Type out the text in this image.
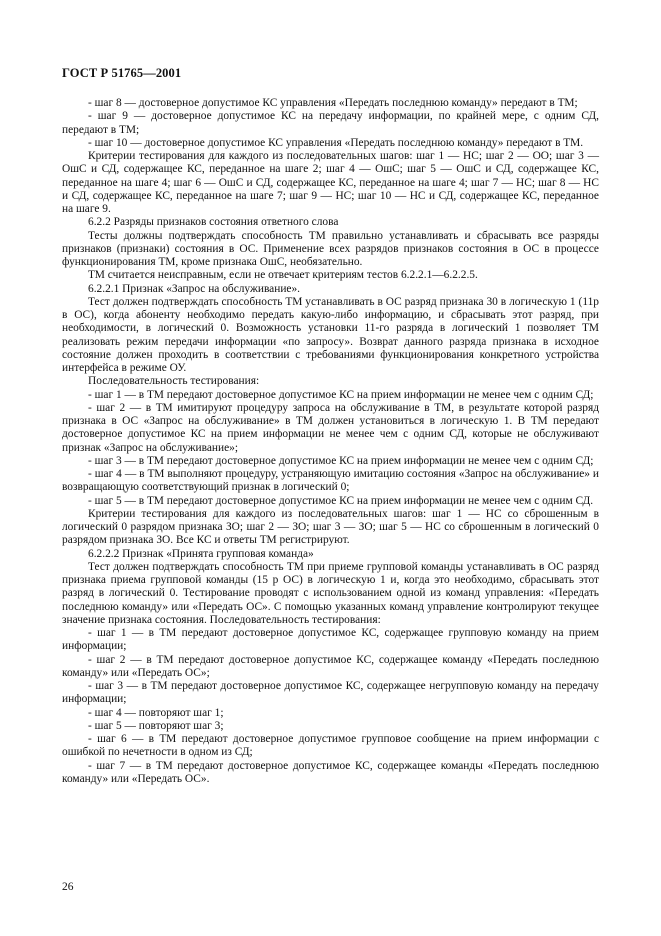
ГОСТ Р 51765—2001

- шаг 8 — достоверное допустимое КС управления «Передать последнюю команду» передают в ТМ;

- шаг 9 — достоверное допустимое КС на передачу информации, по крайней мере, с одним СД, передают в ТМ;

- шаг 10 — достоверное допустимое КС управления «Передать последнюю команду» передают в ТМ.

Критерии тестирования для каждого из последовательных шагов: шаг 1 — НС; шаг 2 — ОО; шаг 3 — ОшС и СД, содержащее КС, переданное на шаге 2; шаг 4 — ОшС; шаг 5 — ОшС и СД, содержащее КС, переданное на шаге 4; шаг 6 — ОшС и СД, содержащее КС, переданное на шаге 4; шаг 7 — НС; шаг 8 — НС и СД, содержащее КС, переданное на шаге 7; шаг 9 — НС; шаг 10 — НС и СД, содержащее КС, переданное на шаге 9.

6.2.2 Разряды признаков состояния ответного слова

Тесты должны подтверждать способность ТМ правильно устанавливать и сбрасывать все разряды признаков (признаки) состояния в ОС. Применение всех разрядов признаков состояния в ОС в процессе функционирования ТМ, кроме признака ОшС, необязательно.

ТМ считается неисправным, если не отвечает критериям тестов 6.2.2.1—6.2.2.5.

6.2.2.1 Признак «Запрос на обслуживание».

Тест должен подтверждать способность ТМ устанавливать в ОС разряд признака 30 в логическую 1 (11р в ОС), когда абоненту необходимо передать какую-либо информацию, и сбрасывать этот разряд, при необходимости, в логический 0. Возможность установки 11-го разряда в логический 1 позволяет ТМ реализовать режим передачи информации «по запросу». Возврат данного разряда признака в исходное состояние должен проходить в соответствии с требованиями функционирования конкретного устройства интерфейса в режиме ОУ.

Последовательность тестирования:

- шаг 1 — в ТМ передают достоверное допустимое КС на прием информации не менее чем с одним СД;

- шаг 2 — в ТМ имитируют процедуру запроса на обслуживание в ТМ, в результате которой разряд признака в ОС «Запрос на обслуживание» в ТМ должен установиться в логическую 1. В ТМ передают достоверное допустимое КС на прием информации не менее чем с одним СД, которые не обслуживают признак «Запрос на обслуживание»;

- шаг 3 — в ТМ передают достоверное допустимое КС на прием информации не менее чем с одним СД;

- шаг 4 — в ТМ выполняют процедуру, устраняющую имитацию состояния «Запрос на обслуживание» и возвращающую соответствующий признак в логический 0;

- шаг 5 — в ТМ передают достоверное допустимое КС на прием информации не менее чем с одним СД.

Критерии тестирования для каждого из последовательных шагов: шаг 1 — НС со сброшенным в логический 0 разрядом признака ЗО; шаг 2 — ЗО; шаг 3 — ЗО; шаг 5 — НС со сброшенным в логический 0 разрядом признака ЗО. Все КС и ответы ТМ регистрируют.

6.2.2.2 Признак «Принята групповая команда»

Тест должен подтверждать способность ТМ при приеме групповой команды устанавливать в ОС разряд признака приема групповой команды (15 р ОС) в логическую 1 и, когда это необходимо, сбрасывать этот разряд в логический 0. Тестирование проводят с использованием одной из команд управления: «Передать последнюю команду» или «Передать ОС». С помощью указанных команд управление контролируют текущее значение признака состояния. Последовательность тестирования:

- шаг 1 — в ТМ передают достоверное допустимое КС, содержащее групповую команду на прием информации;

- шаг 2 — в ТМ передают достоверное допустимое КС, содержащее команду «Передать последнюю команду» или «Передать ОС»;

- шаг 3 — в ТМ передают достоверное допустимое КС, содержащее негрупповую команду на передачу информации;

- шаг 4 — повторяют шаг 1;

- шаг 5 — повторяют шаг 3;

- шаг 6 — в ТМ передают достоверное допустимое групповое сообщение на прием информации с ошибкой по нечетности в одном из СД;

- шаг 7 — в ТМ передают достоверное допустимое КС, содержащее команды «Передать последнюю команду» или «Передать ОС».

26
